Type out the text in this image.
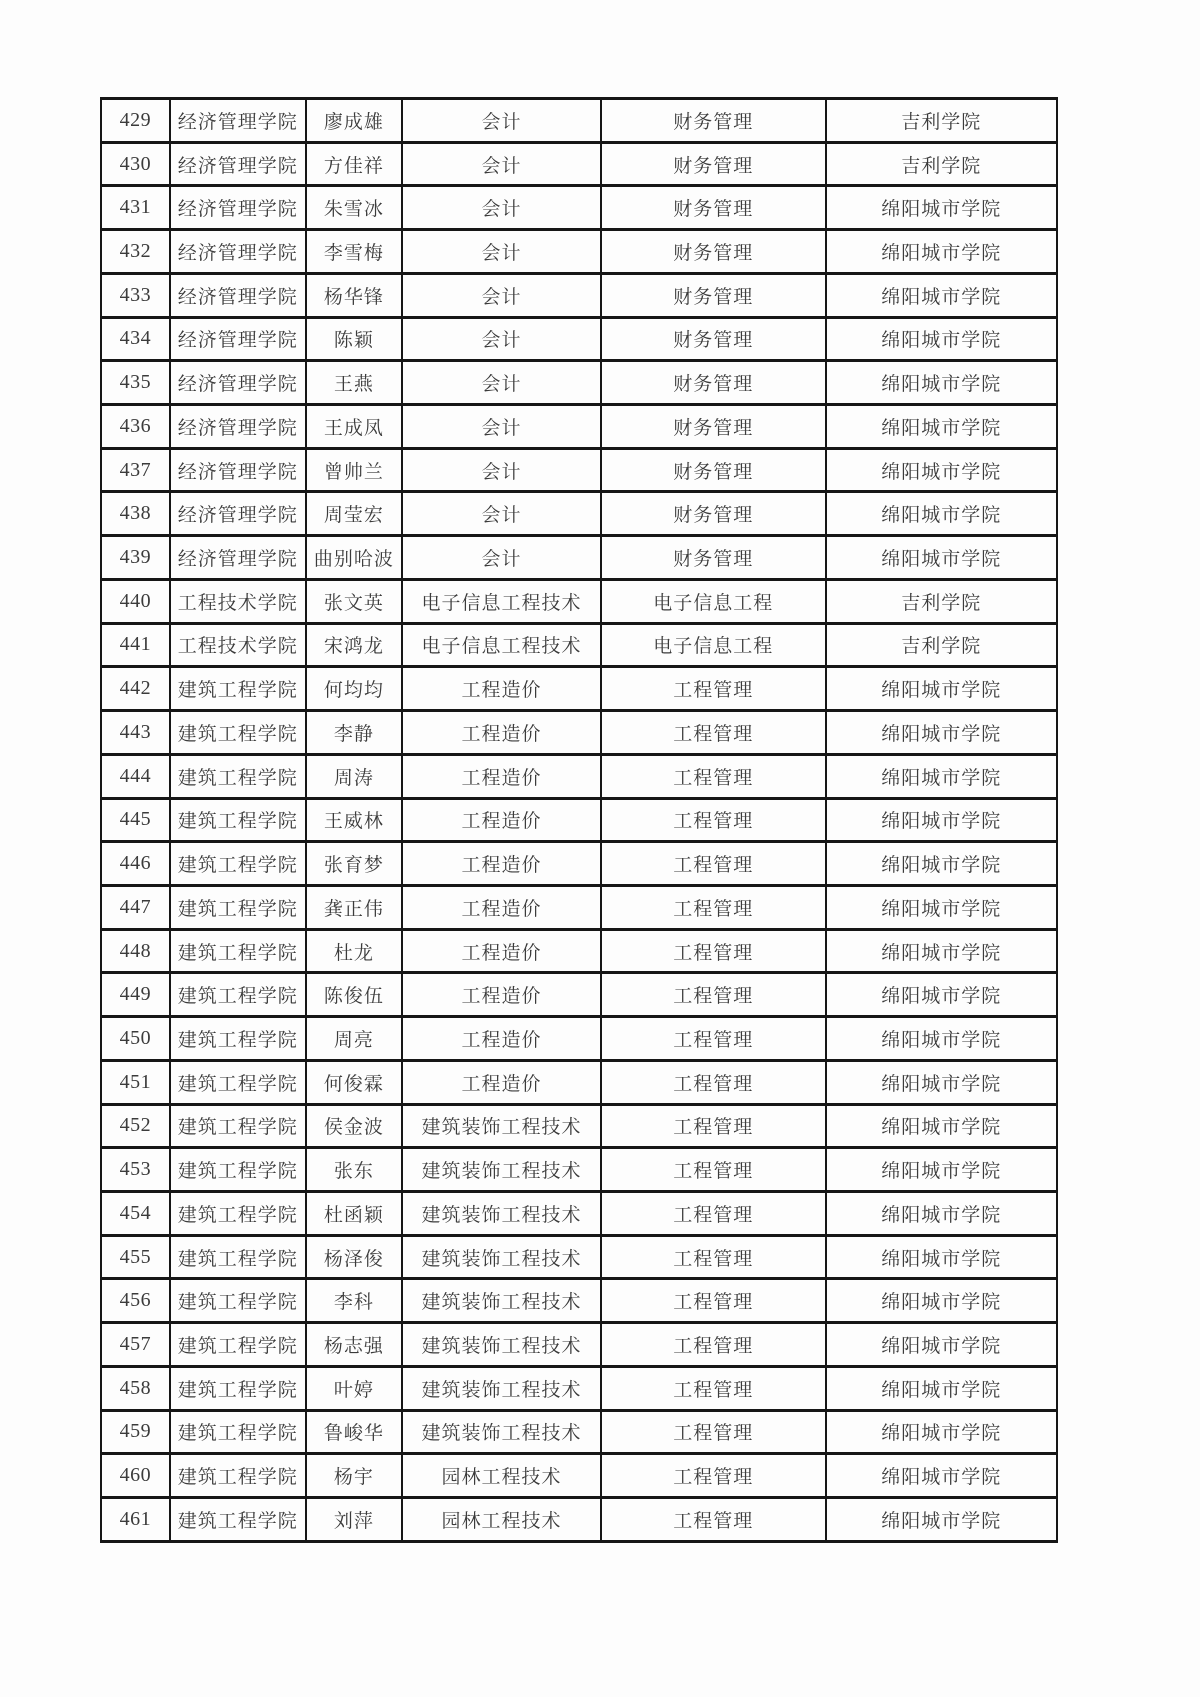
429	经济管理学院	廖成雄	会计	财务管理	吉利学院
430	经济管理学院	方佳祥	会计	财务管理	吉利学院
431	经济管理学院	朱雪冰	会计	财务管理	绵阳城市学院
432	经济管理学院	李雪梅	会计	财务管理	绵阳城市学院
433	经济管理学院	杨华锋	会计	财务管理	绵阳城市学院
434	经济管理学院	陈颖	会计	财务管理	绵阳城市学院
435	经济管理学院	王燕	会计	财务管理	绵阳城市学院
436	经济管理学院	王成凤	会计	财务管理	绵阳城市学院
437	经济管理学院	曾帅兰	会计	财务管理	绵阳城市学院
438	经济管理学院	周莹宏	会计	财务管理	绵阳城市学院
439	经济管理学院	曲别哈波	会计	财务管理	绵阳城市学院
440	工程技术学院	张文英	电子信息工程技术	电子信息工程	吉利学院
441	工程技术学院	宋鸿龙	电子信息工程技术	电子信息工程	吉利学院
442	建筑工程学院	何均均	工程造价	工程管理	绵阳城市学院
443	建筑工程学院	李静	工程造价	工程管理	绵阳城市学院
444	建筑工程学院	周涛	工程造价	工程管理	绵阳城市学院
445	建筑工程学院	王威林	工程造价	工程管理	绵阳城市学院
446	建筑工程学院	张育梦	工程造价	工程管理	绵阳城市学院
447	建筑工程学院	龚正伟	工程造价	工程管理	绵阳城市学院
448	建筑工程学院	杜龙	工程造价	工程管理	绵阳城市学院
449	建筑工程学院	陈俊伍	工程造价	工程管理	绵阳城市学院
450	建筑工程学院	周亮	工程造价	工程管理	绵阳城市学院
451	建筑工程学院	何俊霖	工程造价	工程管理	绵阳城市学院
452	建筑工程学院	侯金波	建筑装饰工程技术	工程管理	绵阳城市学院
453	建筑工程学院	张东	建筑装饰工程技术	工程管理	绵阳城市学院
454	建筑工程学院	杜函颖	建筑装饰工程技术	工程管理	绵阳城市学院
455	建筑工程学院	杨泽俊	建筑装饰工程技术	工程管理	绵阳城市学院
456	建筑工程学院	李科	建筑装饰工程技术	工程管理	绵阳城市学院
457	建筑工程学院	杨志强	建筑装饰工程技术	工程管理	绵阳城市学院
458	建筑工程学院	叶婷	建筑装饰工程技术	工程管理	绵阳城市学院
459	建筑工程学院	鲁峻华	建筑装饰工程技术	工程管理	绵阳城市学院
460	建筑工程学院	杨宇	园林工程技术	工程管理	绵阳城市学院
461	建筑工程学院	刘萍	园林工程技术	工程管理	绵阳城市学院
